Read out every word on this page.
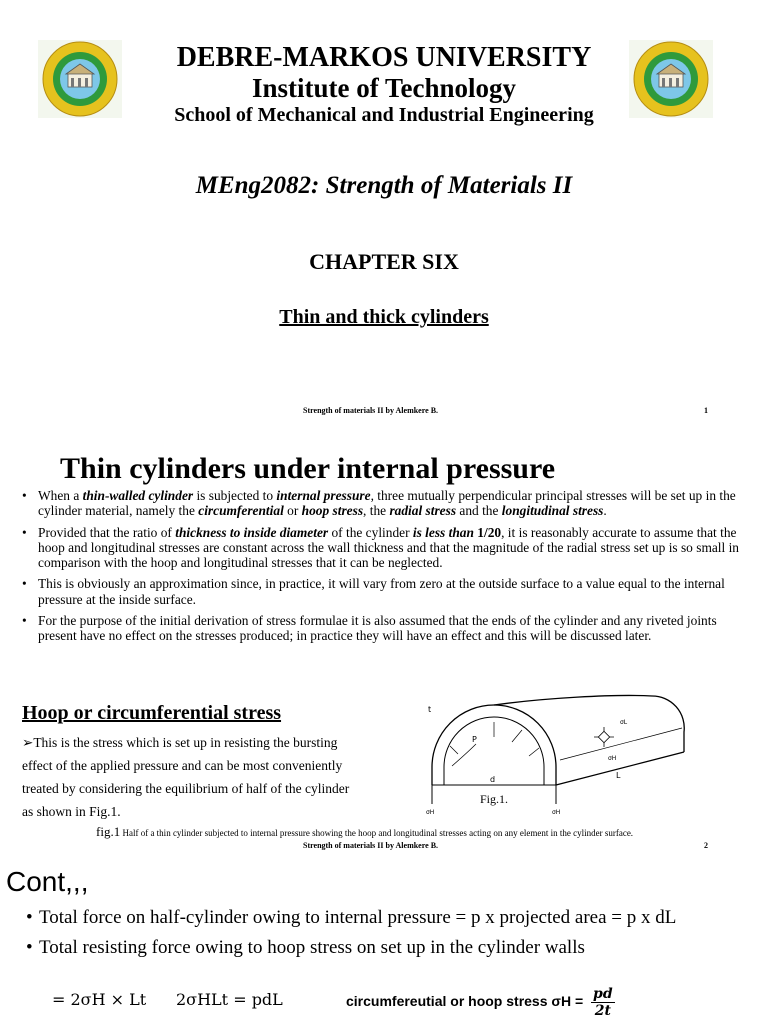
DEBRE-MARKOS UNIVERSITY
Institute of Technology
School of Mechanical and Industrial Engineering
MEng2082: Strength of Materials II
CHAPTER SIX
Thin and thick cylinders
Strength of materials II by Alemkere B.	1
Thin cylinders under internal pressure
• When a thin-walled cylinder is subjected to internal pressure, three mutually perpendicular principal stresses will be set up in the cylinder material, namely the circumferential or hoop stress, the radial stress and the longitudinal stress.
• Provided that the ratio of thickness to inside diameter of the cylinder is less than 1/20, it is reasonably accurate to assume that the hoop and longitudinal stresses are constant across the wall thickness and that the magnitude of the radial stress set up is so small in comparison with the hoop and longitudinal stresses that it can be neglected.
• This is obviously an approximation since, in practice, it will vary from zero at the outside surface to a value equal to the internal pressure at the inside surface.
• For the purpose of the initial derivation of stress formulae it is also assumed that the ends of the cylinder and any riveted joints present have no effect on the stresses produced; in practice they will have an effect and this will be discussed later.
Hoop or circumferential stress
➢This is the stress which is set up in resisting the bursting
effect of the applied pressure and can be most conveniently
treated by considering the equilibrium of half of the cylinder
as shown in Fig.1.
t
P
d	L
σL
σH
σH	σH
Fig.1.
fig.1 Half of a thin cylinder subjected to internal pressure showing the hoop and longitudinal stresses acting on any element in the cylinder surface.
Strength of materials II by Alemkere B.	2
Cont,,,
• Total force on half-cylinder owing to internal pressure = p x projected area = p x dL
• Total resisting force owing to hoop stress on set up in the cylinder walls
= 2σH × Lt 2σHLt = pdL	circumfereutial or hoop stress $\sigma H = \frac{pd}{2t}$
